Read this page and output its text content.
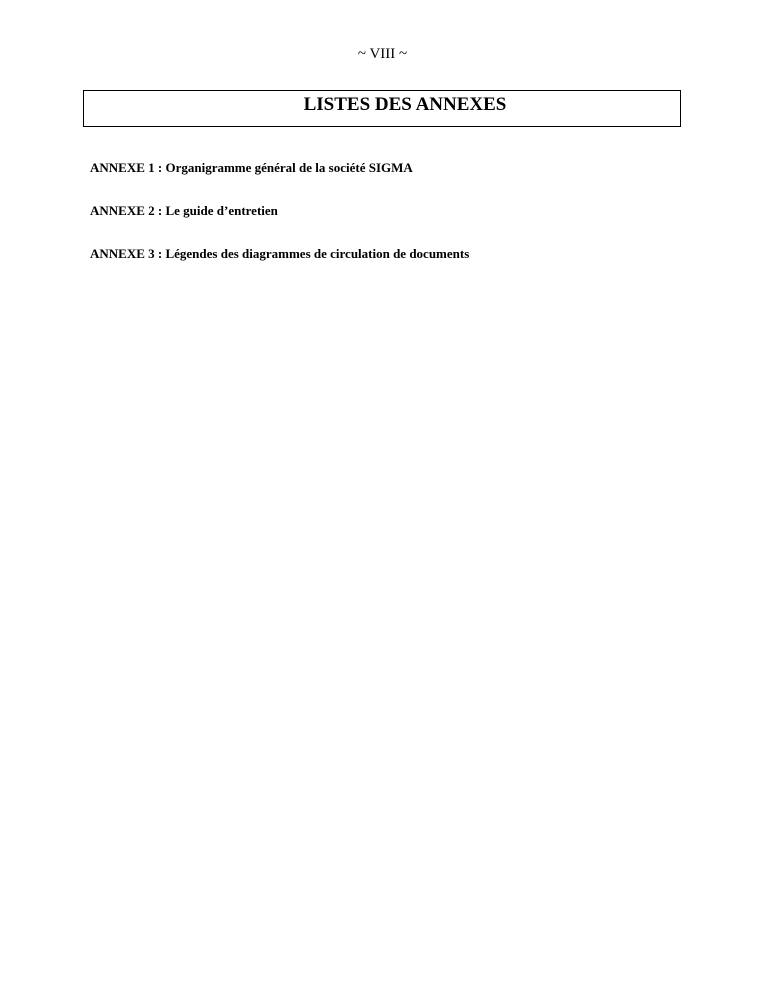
~ VIII ~
LISTES DES ANNEXES
ANNEXE 1 : Organigramme général de la société SIGMA
ANNEXE 2 : Le guide d’entretien
ANNEXE 3 : Légendes des diagrammes de circulation de documents
